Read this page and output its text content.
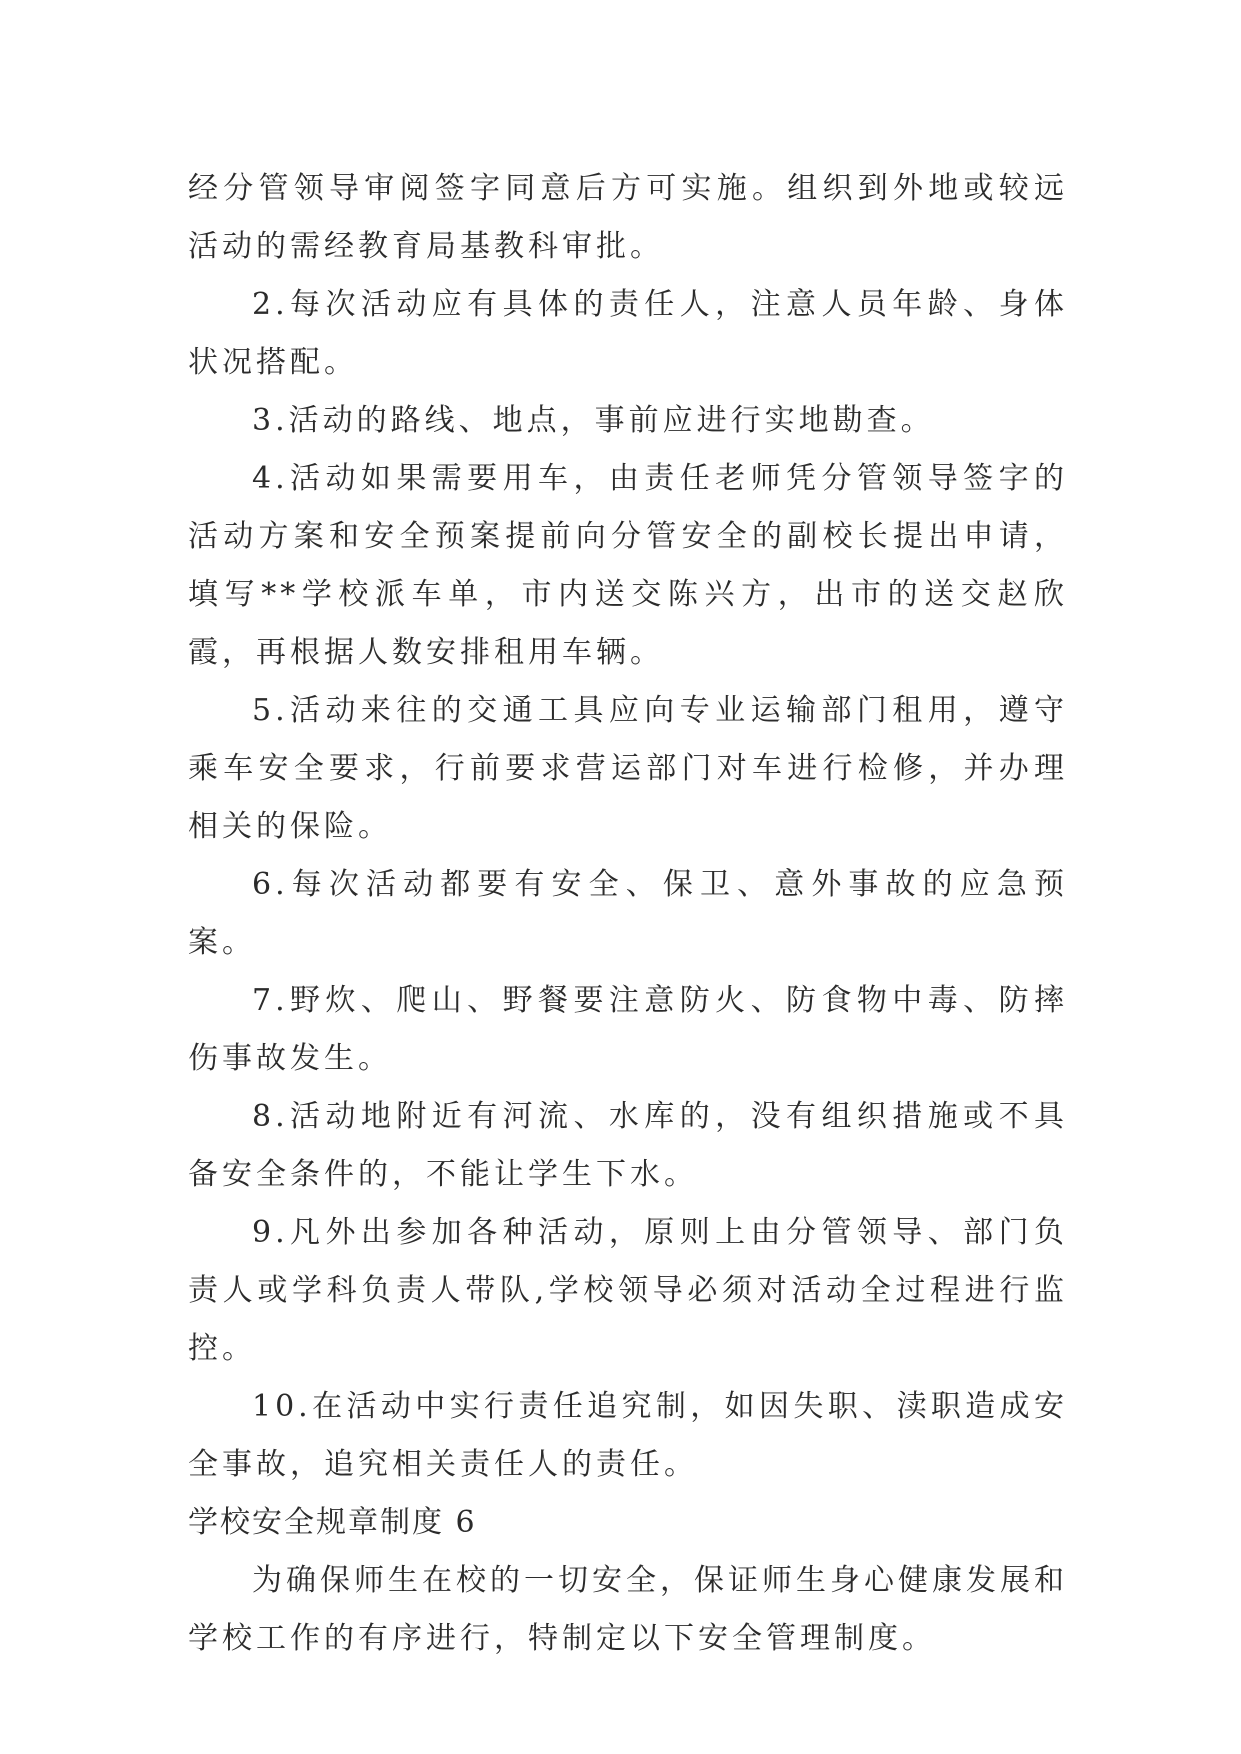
经分管领导审阅签字同意后方可实施。组织到外地或较远活动的需经教育局基教科审批。

2.每次活动应有具体的责任人，注意人员年龄、身体状况搭配。

3.活动的路线、地点，事前应进行实地勘查。

4.活动如果需要用车，由责任老师凭分管领导签字的活动方案和安全预案提前向分管安全的副校长提出申请，填写**学校派车单，市内送交陈兴方，出市的送交赵欣霞，再根据人数安排租用车辆。

5.活动来往的交通工具应向专业运输部门租用，遵守乘车安全要求，行前要求营运部门对车进行检修，并办理相关的保险。

6.每次活动都要有安全、保卫、意外事故的应急预案。

7.野炊、爬山、野餐要注意防火、防食物中毒、防摔伤事故发生。

8.活动地附近有河流、水库的，没有组织措施或不具备安全条件的，不能让学生下水。

9.凡外出参加各种活动，原则上由分管领导、部门负责人或学科负责人带队,学校领导必须对活动全过程进行监控。

10.在活动中实行责任追究制，如因失职、渎职造成安全事故，追究相关责任人的责任。

学校安全规章制度 6

为确保师生在校的一切安全，保证师生身心健康发展和学校工作的有序进行，特制定以下安全管理制度。
